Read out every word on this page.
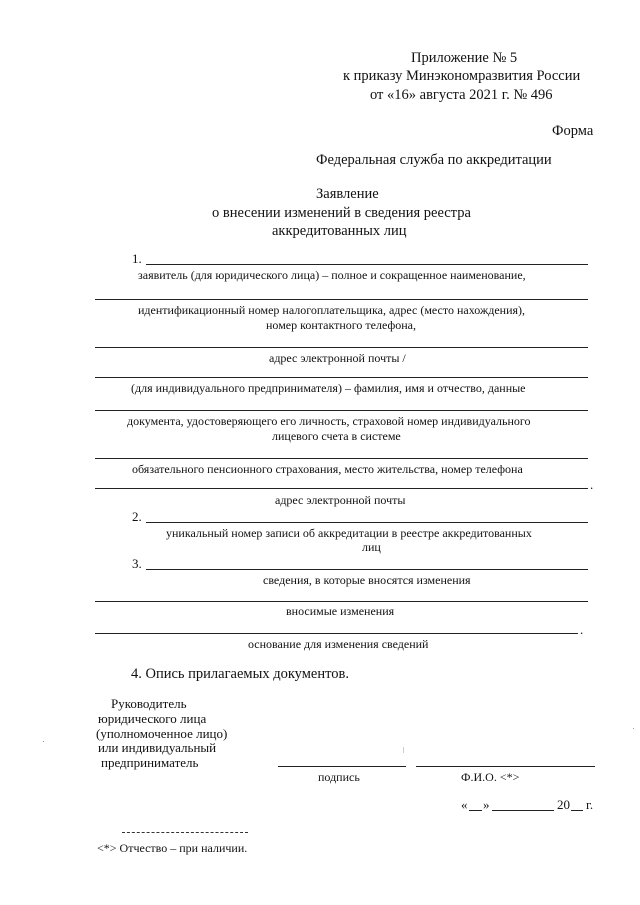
Приложение № 5
к приказу Минэкономразвития России
от «16» августа 2021 г. № 496
Форма
Федеральная служба по аккредитации
Заявление
о внесении изменений в сведения реестра
аккредитованных лиц
1.
заявитель (для юридического лица) – полное и сокращенное наименование,
идентификационный номер налогоплательщика, адрес (место нахождения),
номер контактного телефона,
адрес электронной почты /
(для индивидуального предпринимателя) – фамилия, имя и отчество, данные
документа, удостоверяющего его личность, страховой номер индивидуального
лицевого счета в системе
обязательного пенсионного страхования, место жительства, номер телефона
.
адрес электронной почты
2.
уникальный номер записи об аккредитации в реестре аккредитованных
лиц
3.
сведения, в которые вносятся изменения
вносимые изменения
.
основание для изменения сведений
4. Опись прилагаемых документов.
Руководитель
юридического лица
(уполномоченное лицо)
или индивидуальный
предприниматель
подпись	Ф.И.О. <*>
« »	20 г.
<*> Отчество – при наличии.
